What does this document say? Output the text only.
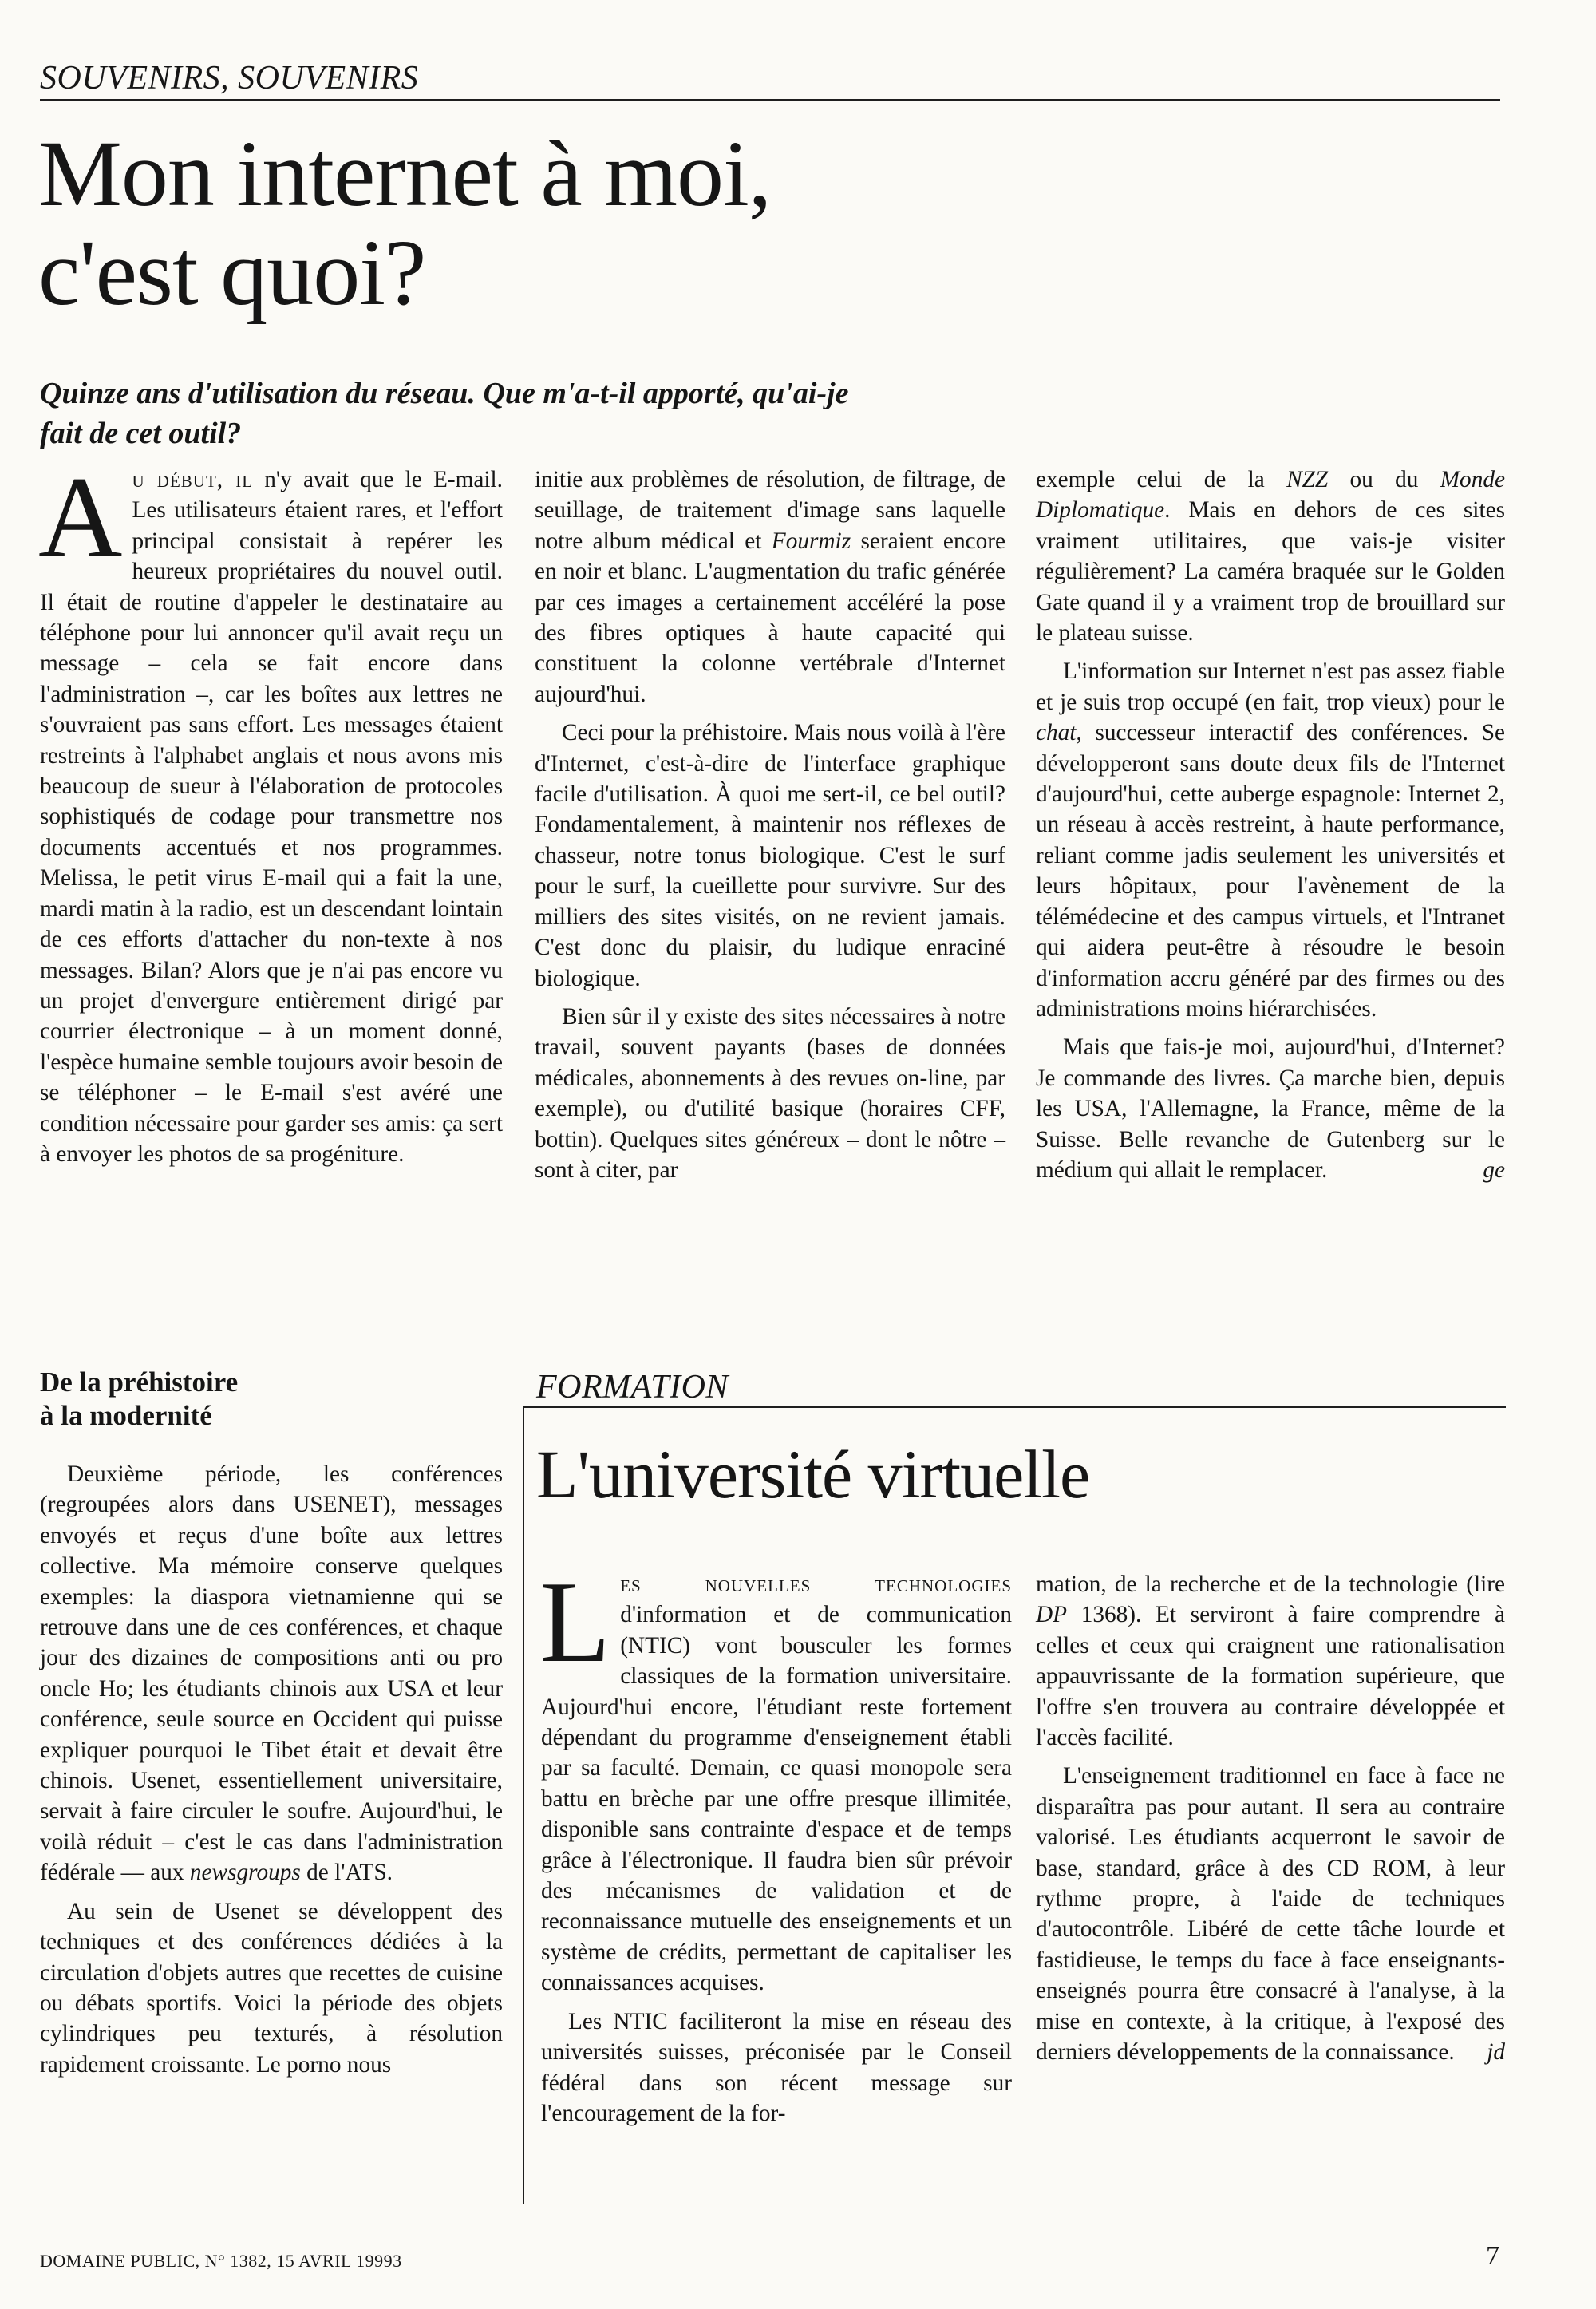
SOUVENIRS, SOUVENIRS
Mon internet à moi,
c'est quoi?
Quinze ans d'utilisation du réseau. Que m'a-t-il apporté, qu'ai-je
fait de cet outil?

Au début, il n'y avait que le E-mail. Les utilisateurs étaient rares, et l'effort principal consistait à repérer les heureux propriétaires du nouvel outil. Il était de routine d'appeler le destinataire au téléphone pour lui annoncer qu'il avait reçu un message – cela se fait encore dans l'administration –, car les boîtes aux lettres ne s'ouvraient pas sans effort. Les messages étaient restreints à l'alphabet anglais et nous avons mis beaucoup de sueur à l'élaboration de protocoles sophistiqués de codage pour transmettre nos documents accentués et nos programmes. Melissa, le petit virus E-mail qui a fait la une, mardi matin à la radio, est un descendant lointain de ces efforts d'attacher du non-texte à nos messages. Bilan? Alors que je n'ai pas encore vu un projet d'envergure entièrement dirigé par courrier électronique – à un moment donné, l'espèce humaine semble toujours avoir besoin de se téléphoner – le E-mail s'est avéré une condition nécessaire pour garder ses amis: ça sert à envoyer les photos de sa progéniture.

De la préhistoire
à la modernité

Deuxième période, les conférences (regroupées alors dans USENET), messages envoyés et reçus d'une boîte aux lettres collective. Ma mémoire conserve quelques exemples: la diaspora vietnamienne qui se retrouve dans une de ces conférences, et chaque jour des dizaines de compositions anti ou pro oncle Ho; les étudiants chinois aux USA et leur conférence, seule source en Occident qui puisse expliquer pourquoi le Tibet était et devait être chinois. Usenet, essentiellement universitaire, servait à faire circuler le soufre. Aujourd'hui, le voilà réduit – c'est le cas dans l'administration fédérale — aux newsgroups de l'ATS.

Au sein de Usenet se développent des techniques et des conférences dédiées à la circulation d'objets autres que recettes de cuisine ou débats sportifs. Voici la période des objets cylindriques peu texturés, à résolution rapidement croissante. Le porno nous

initie aux problèmes de résolution, de filtrage, de seuillage, de traitement d'image sans laquelle notre album médical et Fourmiz seraient encore en noir et blanc. L'augmentation du trafic générée par ces images a certainement accéléré la pose des fibres optiques à haute capacité qui constituent la colonne vertébrale d'Internet aujourd'hui.

Ceci pour la préhistoire. Mais nous voilà à l'ère d'Internet, c'est-à-dire de l'interface graphique facile d'utilisation. À quoi me sert-il, ce bel outil? Fondamentalement, à maintenir nos réflexes de chasseur, notre tonus biologique. C'est le surf pour le surf, la cueillette pour survivre. Sur des milliers des sites visités, on ne revient jamais. C'est donc du plaisir, du ludique enraciné biologique.

Bien sûr il y existe des sites nécessaires à notre travail, souvent payants (bases de données médicales, abonnements à des revues on-line, par exemple), ou d'utilité basique (horaires CFF, bottin). Quelques sites généreux – dont le nôtre – sont à citer, par

exemple celui de la NZZ ou du Monde Diplomatique. Mais en dehors de ces sites vraiment utilitaires, que vais-je visiter régulièrement? La caméra braquée sur le Golden Gate quand il y a vraiment trop de brouillard sur le plateau suisse.

L'information sur Internet n'est pas assez fiable et je suis trop occupé (en fait, trop vieux) pour le chat, successeur interactif des conférences. Se développeront sans doute deux fils de l'Internet d'aujourd'hui, cette auberge espagnole: Internet 2, un réseau à accès restreint, à haute performance, reliant comme jadis seulement les universités et leurs hôpitaux, pour l'avènement de la télémédecine et des campus virtuels, et l'Intranet qui aidera peut-être à résoudre le besoin d'information accru généré par des firmes ou des administrations moins hiérarchisées.

Mais que fais-je moi, aujourd'hui, d'Internet? Je commande des livres. Ça marche bien, depuis les USA, l'Allemagne, la France, même de la Suisse. Belle revanche de Gutenberg sur le médium qui allait le remplacer.	ge

FORMATION
L'université virtuelle

Les nouvelles technologies d'information et de communication (NTIC) vont bousculer les formes classiques de la formation universitaire. Aujourd'hui encore, l'étudiant reste fortement dépendant du programme d'enseignement établi par sa faculté. Demain, ce quasi monopole sera battu en brèche par une offre presque illimitée, disponible sans contrainte d'espace et de temps grâce à l'électronique. Il faudra bien sûr prévoir des mécanismes de validation et de reconnaissance mutuelle des enseignements et un système de crédits, permettant de capitaliser les connaissances acquises.

Les NTIC faciliteront la mise en réseau des universités suisses, préconisée par le Conseil fédéral dans son récent message sur l'encouragement de la for-

mation, de la recherche et de la technologie (lire DP 1368). Et serviront à faire comprendre à celles et ceux qui craignent une rationalisation appauvrissante de la formation supérieure, que l'offre s'en trouvera au contraire développée et l'accès facilité.

L'enseignement traditionnel en face à face ne disparaîtra pas pour autant. Il sera au contraire valorisé. Les étudiants acquerront le savoir de base, standard, grâce à des CD ROM, à leur rythme propre, à l'aide de techniques d'autocontrôle. Libéré de cette tâche lourde et fastidieuse, le temps du face à face enseignants-enseignés pourra être consacré à l'analyse, à la mise en contexte, à la critique, à l'exposé des derniers développements de la connaissance.	jd

DOMAINE PUBLIC, N° 1382, 15 AVRIL 19993	7
